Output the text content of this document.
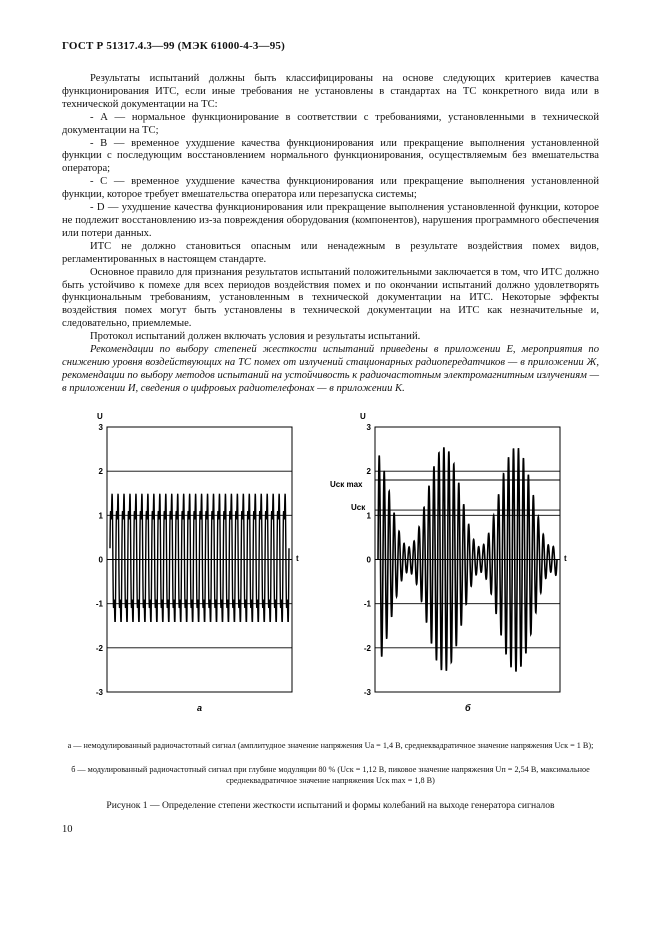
ГОСТ Р 51317.4.3—99 (МЭК 61000-4-3—95)

Результаты испытаний должны быть классифицированы на основе следующих критериев качества функционирования ИТС, если иные требования не установлены в стандартах на ТС конкретного вида или в технической документации на ТС:

- А — нормальное функционирование в соответствии с требованиями, установленными в технической документации на ТС;

- В — временное ухудшение качества функционирования или прекращение выполнения установленной функции с последующим восстановлением нормального функционирования, осуществляемым без вмешательства оператора;

- С — временное ухудшение качества функционирования или прекращение выполнения установленной функции, которое требует вмешательства оператора или перезапуска системы;

- D — ухудшение качества функционирования или прекращение выполнения установленной функции, которое не подлежит восстановлению из-за повреждения оборудования (компонентов), нарушения программного обеспечения или потери данных.

ИТС не должно становиться опасным или ненадежным в результате воздействия помех видов, регламентированных в настоящем стандарте.

Основное правило для признания результатов испытаний положительными заключается в том, что ИТС должно быть устойчиво к помехе для всех периодов воздействия помех и по окончании испытаний должно удовлетворять функциональным требованиям, установленным в технической документации на ИТС. Некоторые эффекты воздействия помех могут быть установлены в технической документации на ИТС как незначительные и, следовательно, приемлемые.

Протокол испытаний должен включать условия и результаты испытаний.

Рекомендации по выбору степеней жесткости испытаний приведены в приложении Е, мероприятия по снижению уровня воздействующих на ТС помех от излучений стационарных радиопередатчиков — в приложении Ж, рекомендации по выбору методов испытаний на устойчивость к радиочастотным электромагнитным излучениям — в приложении И, сведения о цифровых радиотелефонах — в приложении К.

U
3
2
1
0
-1
-2
-3
t
а
U
3
2
1
0
-1
-2
-3
t
Uск max
Uск
б
а — немодулированный радиочастотный сигнал (амплитудное значение напряжения Uа = 1,4 В, среднеквадратичное значение напряжения Uск = 1 В);
б — модулированный радиочастотный сигнал при глубине модуляции 80 % (Uск = 1,12 В, пиковое значение напряжения Uп = 2,54 В, максимальное среднеквадратичное значение напряжения Uск max = 1,8 В)
Рисунок 1 — Определение степени жесткости испытаний и формы колебаний на выходе генератора сигналов
10
